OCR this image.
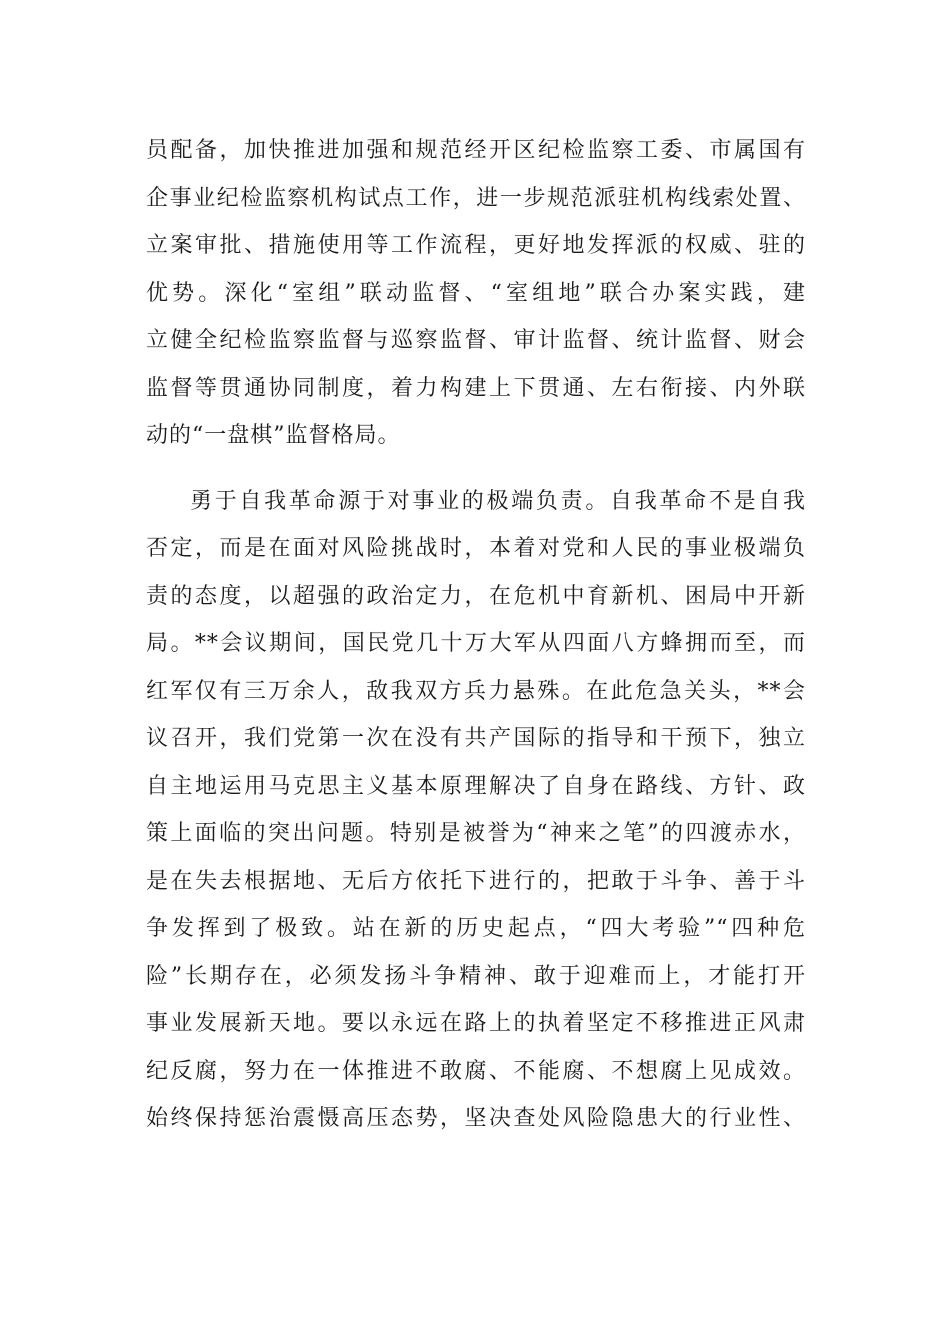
员配备，加快推进加强和规范经开区纪检监察工委、市属国有
企事业纪检监察机构试点工作，进一步规范派驻机构线索处置、
立案审批、措施使用等工作流程，更好地发挥派的权威、驻的
优势。深化“室组”联动监督、“室组地”联合办案实践，建
立健全纪检监察监督与巡察监督、审计监督、统计监督、财会
监督等贯通协同制度，着力构建上下贯通、左右衔接、内外联
动的“一盘棋”监督格局。
勇于自我革命源于对事业的极端负责。自我革命不是自我
否定，而是在面对风险挑战时，本着对党和人民的事业极端负
责的态度，以超强的政治定力，在危机中育新机、困局中开新
局。**会议期间，国民党几十万大军从四面八方蜂拥而至，而
红军仅有三万余人，敌我双方兵力悬殊。在此危急关头，**会
议召开，我们党第一次在没有共产国际的指导和干预下，独立
自主地运用马克思主义基本原理解决了自身在路线、方针、政
策上面临的突出问题。特别是被誉为“神来之笔”的四渡赤水，
是在失去根据地、无后方依托下进行的，把敢于斗争、善于斗
争发挥到了极致。站在新的历史起点，“四大考验”“四种危
险”长期存在，必须发扬斗争精神、敢于迎难而上，才能打开
事业发展新天地。要以永远在路上的执着坚定不移推进正风肃
纪反腐，努力在一体推进不敢腐、不能腐、不想腐上见成效。
始终保持惩治震慑高压态势，坚决查处风险隐患大的行业性、
